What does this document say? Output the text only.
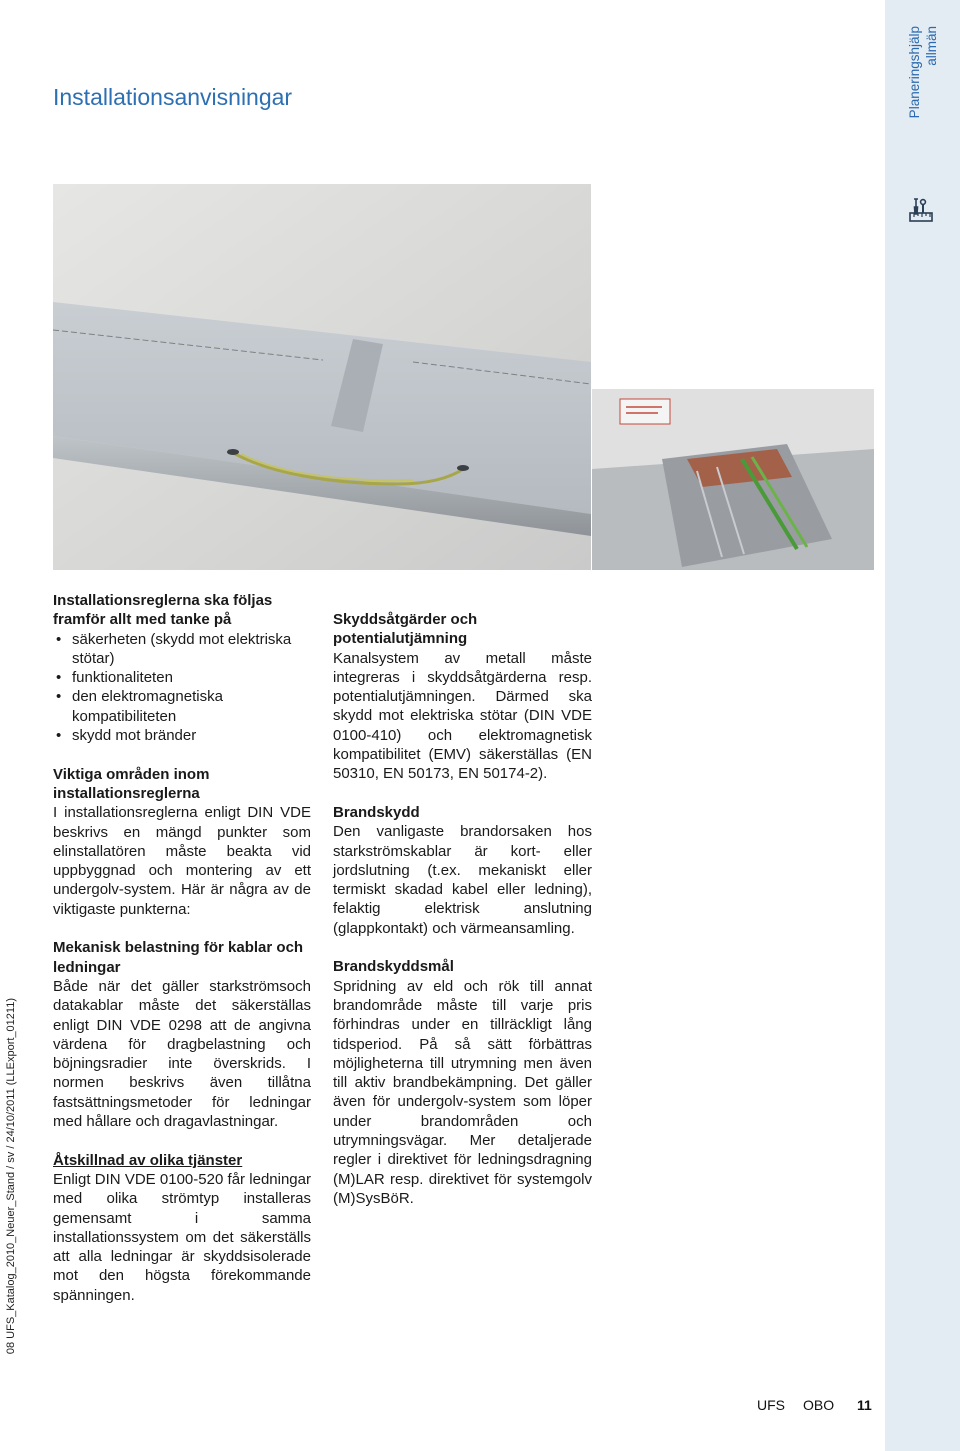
Planeringshjälp allmän
Installationsanvisningar
08 UFS_Katalog_2010_Neuer_Stand / sv / 24/10/2011 (LLExport_01211)
Installationsreglerna ska följas framför allt med tanke på
• säkerheten (skydd mot elektriska stötar)
• funktionaliteten
• den elektromagnetiska kompatibiliteten
• skydd mot bränder
Viktiga områden inom installationsreglerna

I installationsreglerna enligt DIN VDE beskrivs en mängd punkter som elinstallatören måste beakta vid uppbyggnad och montering av ett undergolv-system. Här är några av de viktigaste punkterna:

Mekanisk belastning för kablar och ledningar

Både när det gäller starkströmsoch datakablar måste det säkerställas enligt DIN VDE 0298 att de angivna värdena för dragbelastning och böjningsradier inte överskrids. I normen beskrivs även tillåtna fastsättningsmetoder för ledningar med hållare och dragavlastningar.

Åtskillnad av olika tjänster

Enligt DIN VDE 0100-520 får ledningar med olika strömtyp installeras gemensamt i samma installationssystem om det säkerställs att alla ledningar är skyddsisolerade mot den högsta förekommande spänningen.

Skyddsåtgärder och potentialutjämning

Kanalsystem av metall måste integreras i skyddsåtgärderna resp. potentialutjämningen. Därmed ska skydd mot elektriska stötar (DIN VDE 0100-410) och elektromagnetisk kompatibilitet (EMV) säkerställas (EN 50310, EN 50173, EN 50174-2).

Brandskydd

Den vanligaste brandorsaken hos starkströmskablar är kort- eller jordslutning (t.ex. mekaniskt eller termiskt skadad kabel eller ledning), felaktig elektrisk anslutning (glappkontakt) och värmeansamling.

Brandskyddsmål

Spridning av eld och rök till annat brandområde måste till varje pris förhindras under en tillräckligt lång tidsperiod. På så sätt förbättras möjligheterna till utrymning men även till aktiv brandbekämpning. Det gäller även för undergolv-system som löper under brandområden och utrymningsvägar. Mer detaljerade regler i direktivet för ledningsdragning (M)LAR resp. direktivet för systemgolv (M)SysBöR.

UFS OBO 11
